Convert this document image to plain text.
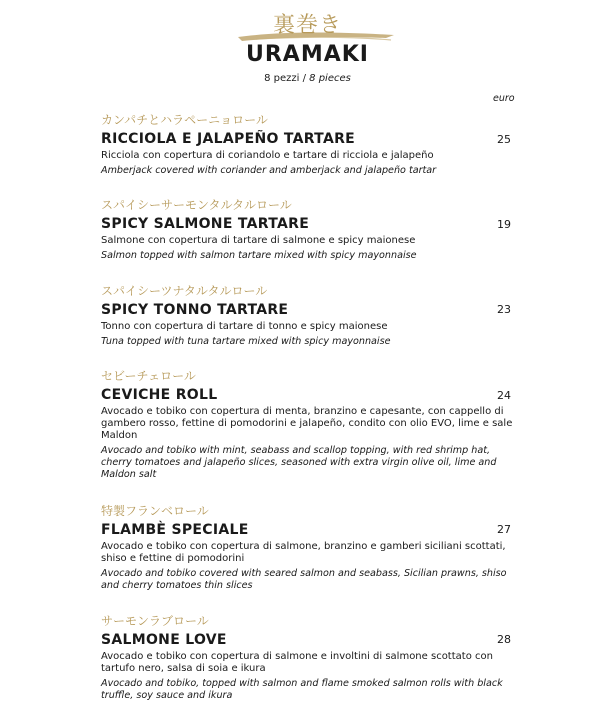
裏巻き
URAMAKI
8 pezzi / 8 pieces
euro
カンパチとハラペーニョロール
RICCIOLA E JALAPEÑO TARTARE
Ricciola con copertura di coriandolo e tartare di ricciola e jalapeño
Amberjack covered with coriander and amberjack and jalapeño tartar
25
スパイシーサーモンタルタルロール
SPICY SALMONE TARTARE
Salmone con copertura di tartare di salmone e spicy maionese
Salmon topped with salmon tartare mixed with spicy mayonnaise
19
スパイシーツナタルタルロール
SPICY TONNO TARTARE
Tonno con copertura di tartare di tonno e spicy maionese
Tuna topped with tuna tartare mixed with spicy mayonnaise
23
セビーチェロール
CEVICHE ROLL
Avocado e tobiko con copertura di menta, branzino e capesante, con cappello di gambero rosso, fettine di pomodorini e jalapeño, condito con olio EVO, lime e sale Maldon
Avocado and tobiko with mint, seabass and scallop topping, with red shrimp hat, cherry tomatoes and jalapeño slices, seasoned with extra virgin olive oil, lime and Maldon salt
24
特製フランベロール
FLAMBÈ SPECIALE
Avocado e tobiko con copertura di salmone, branzino e gamberi siciliani scottati, shiso e fettine di pomodorini
Avocado and tobiko covered with seared salmon and seabass, Sicilian prawns, shiso and cherry tomatoes thin slices
27
サーモンラブロール
SALMONE LOVE
Avocado e tobiko con copertura di salmone e involtini di salmone scottato con tartufo nero, salsa di soia e ikura
Avocado and tobiko, topped with salmon and flame smoked salmon rolls with black truffle, soy sauce and ikura
28
